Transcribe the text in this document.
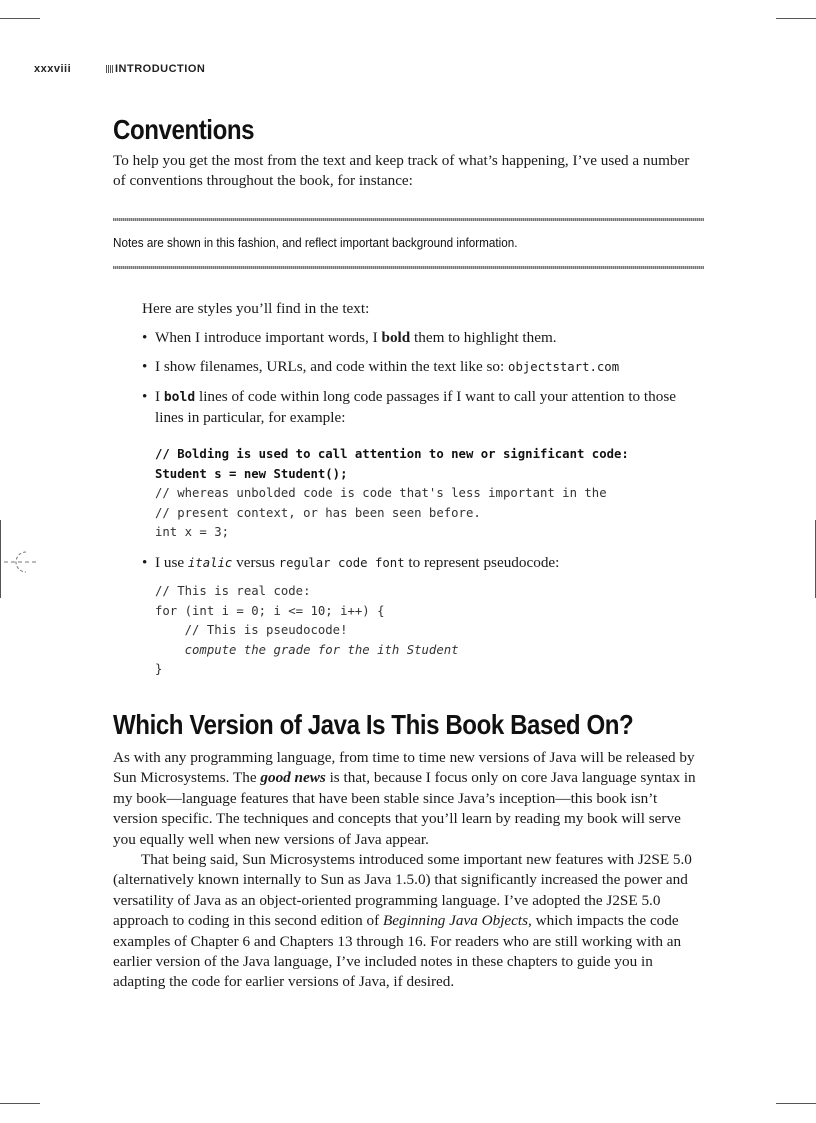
xxxviii	INTRODUCTION
Conventions

To help you get the most from the text and keep track of what’s happening, I’ve used a number of conventions throughout the book, for instance:

Notes are shown in this fashion, and reflect important background information.

Here are styles you’ll find in the text:

• When I introduce important words, I bold them to highlight them.
• I show filenames, URLs, and code within the text like so: objectstart.com
• I bold lines of code within long code passages if I want to call your attention to those lines in particular, for example:
// Bolding is used to call attention to new or significant code:
Student s = new Student();
// whereas unbolded code is code that's less important in the
// present context, or has been seen before.
int x = 3;
• I use italic versus regular code font to represent pseudocode:
// This is real code:
for (int i = 0; i <= 10; i++) {
// This is pseudocode!
compute the grade for the ith Student
}
Which Version of Java Is This Book Based On?

As with any programming language, from time to time new versions of Java will be released by Sun Microsystems. The good news is that, because I focus only on core Java language syntax in my book—language features that have been stable since Java’s inception—this book isn’t version specific. The techniques and concepts that you’ll learn by reading my book will serve you equally well when new versions of Java appear.

That being said, Sun Microsystems introduced some important new features with J2SE 5.0 (alternatively known internally to Sun as Java 1.5.0) that significantly increased the power and versatility of Java as an object-oriented programming language. I’ve adopted the J2SE 5.0 approach to coding in this second edition of Beginning Java Objects, which impacts the code examples of Chapter 6 and Chapters 13 through 16. For readers who are still working with an earlier version of the Java language, I’ve included notes in these chapters to guide you in adapting the code for earlier versions of Java, if desired.
